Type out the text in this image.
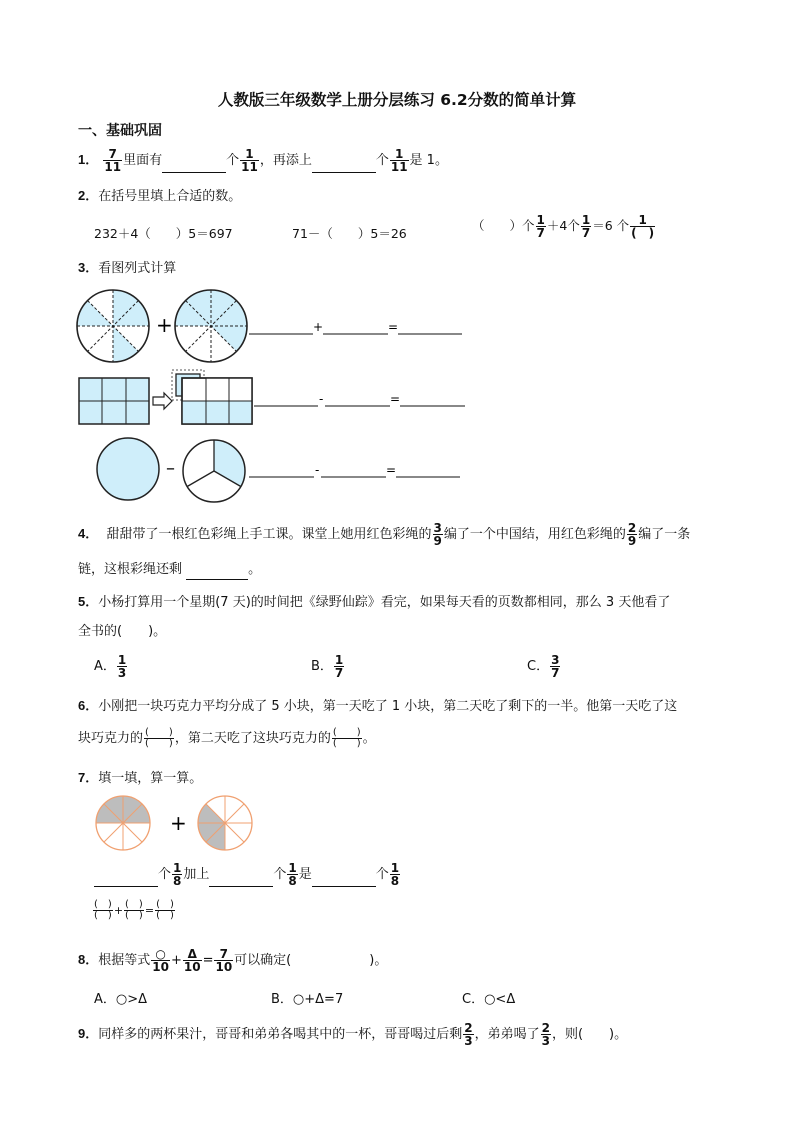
人教版三年级数学上册分层练习 6.2分数的简单计算
一、基础巩固
1． $\frac{7}{11}$ 里面有	个 $\frac{1}{11}$ ，再添上	个 $\frac{1}{11}$ 是 1。
2．在括号里填上合适的数。
232＋4（　　）5＝697	71－（　　）5＝26
（　　）个 $\frac{1}{7} +4$个 $\frac{1}{7} =6$ 个 $\frac{1}{( )}$
3．看图列式计算
+	+	=
-	=
–	-	=
+
4． 甜甜带了一根红色彩绳上手工课。课堂上她用红色彩绳的 $\frac{3}{9}$ 编了一个中国结，用红色彩绳的 $\frac{2}{9}$ 编了一条
链，这根彩绳还剩	。
5．小杨打算用一个星期(7 天)的时间把《绿野仙踪》看完，如果每天看的页数都相同，那么 3 天他看了
全书的(　　)。
A． $\frac{1}{3}$	B． $\frac{1}{7}$	C． $\frac{3}{7}$
6．小刚把一块巧克力平均分成了 5 小块，第一天吃了 1 小块，第二天吃了剩下的一半。他第一天吃了这
块巧克力的 $\frac{( )}{( )}$ ，第二天吃了这块巧克力的 $\frac{( )}{( )}$ 。
7．填一填，算一算。
个 $\frac{1}{8}$ 加上	个 $\frac{1}{8}$ 是	个 $\frac{1}{8}$
$\frac{( )}{( )} + \frac{( )}{( )} = \frac{( )}{( )}$
8．根据等式 $\frac{○}{10} + \frac{\Delta}{10} = \frac{7}{10}$ 可以确定(　　　　　　)。
A．○>Δ	B．○+Δ=7	C．○<Δ
9．同样多的两杯果汁，哥哥和弟弟各喝其中的一杯，哥哥喝过后剩 $\frac{2}{3}$ ，弟弟喝了 $\frac{2}{3}$ ，则(　　)。
